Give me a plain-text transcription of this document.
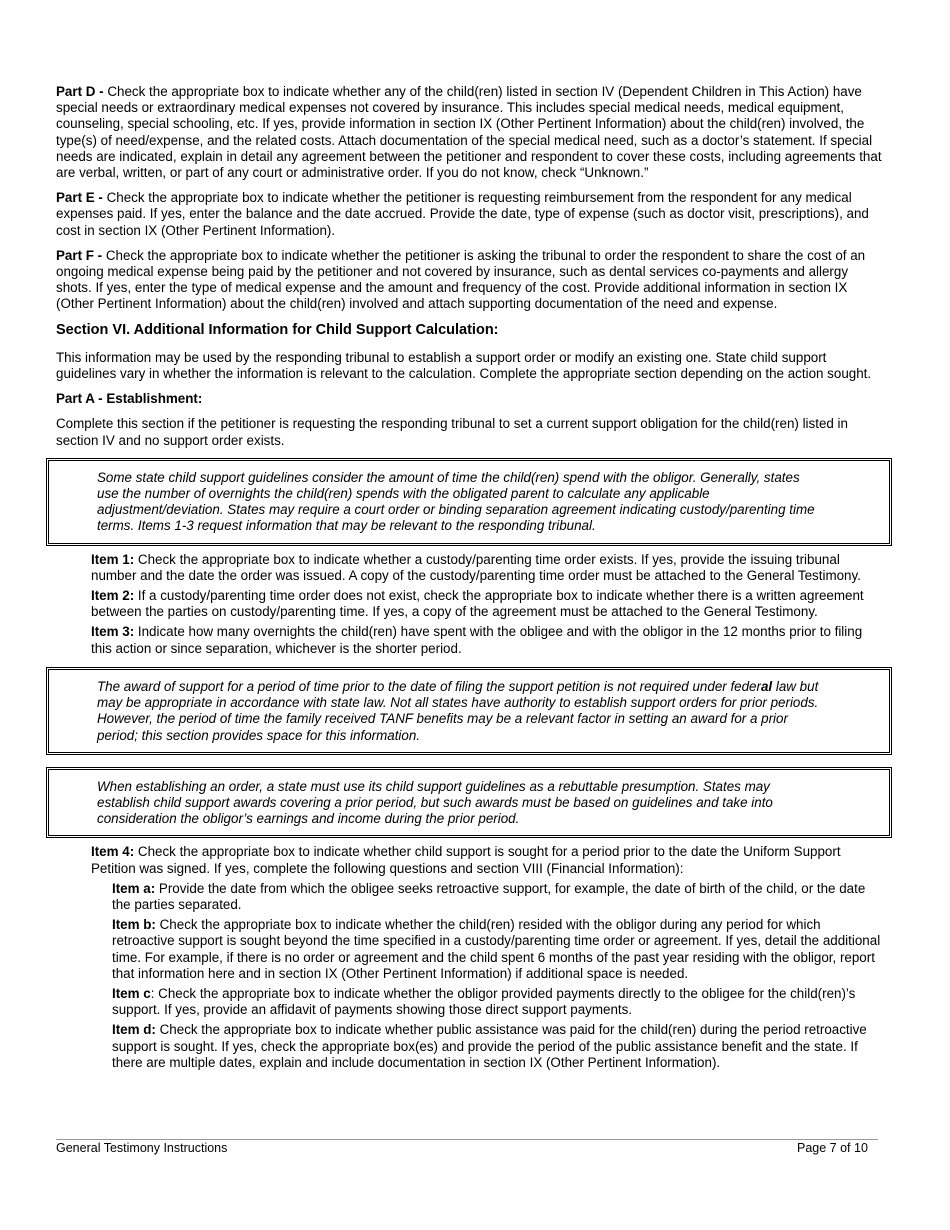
Part D - Check the appropriate box to indicate whether any of the child(ren) listed in section IV (Dependent Children in This Action) have special needs or extraordinary medical expenses not covered by insurance. This includes special medical needs, medical equipment, counseling, special schooling, etc. If yes, provide information in section IX (Other Pertinent Information) about the child(ren) involved, the type(s) of need/expense, and the related costs. Attach documentation of the special medical need, such as a doctor’s statement. If special needs are indicated, explain in detail any agreement between the petitioner and respondent to cover these costs, including agreements that are verbal, written, or part of any court or administrative order. If you do not know, check “Unknown.”

Part E - Check the appropriate box to indicate whether the petitioner is requesting reimbursement from the respondent for any medical expenses paid. If yes, enter the balance and the date accrued. Provide the date, type of expense (such as doctor visit, prescriptions), and cost in section IX (Other Pertinent Information).

Part F - Check the appropriate box to indicate whether the petitioner is asking the tribunal to order the respondent to share the cost of an ongoing medical expense being paid by the petitioner and not covered by insurance, such as dental services co-payments and allergy shots. If yes, enter the type of medical expense and the amount and frequency of the cost. Provide additional information in section IX (Other Pertinent Information) about the child(ren) involved and attach supporting documentation of the need and expense.

Section VI. Additional Information for Child Support Calculation:

This information may be used by the responding tribunal to establish a support order or modify an existing one. State child support guidelines vary in whether the information is relevant to the calculation. Complete the appropriate section depending on the action sought.

Part A - Establishment:

Complete this section if the petitioner is requesting the responding tribunal to set a current support obligation for the child(ren) listed in section IV and no support order exists.

Some state child support guidelines consider the amount of time the child(ren) spend with the obligor. Generally, states use the number of overnights the child(ren) spends with the obligated parent to calculate any applicable adjustment/deviation. States may require a court order or binding separation agreement indicating custody/parenting time terms. Items 1-3 request information that may be relevant to the responding tribunal.

Item 1: Check the appropriate box to indicate whether a custody/parenting time order exists. If yes, provide the issuing tribunal number and the date the order was issued. A copy of the custody/parenting time order must be attached to the General Testimony.

Item 2: If a custody/parenting time order does not exist, check the appropriate box to indicate whether there is a written agreement between the parties on custody/parenting time. If yes, a copy of the agreement must be attached to the General Testimony.

Item 3: Indicate how many overnights the child(ren) have spent with the obligee and with the obligor in the 12 months prior to filing this action or since separation, whichever is the shorter period.

The award of support for a period of time prior to the date of filing the support petition is not required under federal law but may be appropriate in accordance with state law. Not all states have authority to establish support orders for prior periods. However, the period of time the family received TANF benefits may be a relevant factor in setting an award for a prior period; this section provides space for this information.

When establishing an order, a state must use its child support guidelines as a rebuttable presumption. States may establish child support awards covering a prior period, but such awards must be based on guidelines and take into consideration the obligor’s earnings and income during the prior period.

Item 4: Check the appropriate box to indicate whether child support is sought for a period prior to the date the Uniform Support Petition was signed. If yes, complete the following questions and section VIII (Financial Information):

Item a: Provide the date from which the obligee seeks retroactive support, for example, the date of birth of the child, or the date the parties separated.

Item b: Check the appropriate box to indicate whether the child(ren) resided with the obligor during any period for which retroactive support is sought beyond the time specified in a custody/parenting time order or agreement. If yes, detail the additional time. For example, if there is no order or agreement and the child spent 6 months of the past year residing with the obligor, report that information here and in section IX (Other Pertinent Information) if additional space is needed.

Item c: Check the appropriate box to indicate whether the obligor provided payments directly to the obligee for the child(ren)’s support. If yes, provide an affidavit of payments showing those direct support payments.

Item d: Check the appropriate box to indicate whether public assistance was paid for the child(ren) during the period retroactive support is sought. If yes, check the appropriate box(es) and provide the period of the public assistance benefit and the state. If there are multiple dates, explain and include documentation in section IX (Other Pertinent Information).

General Testimony Instructions	Page 7 of 10
